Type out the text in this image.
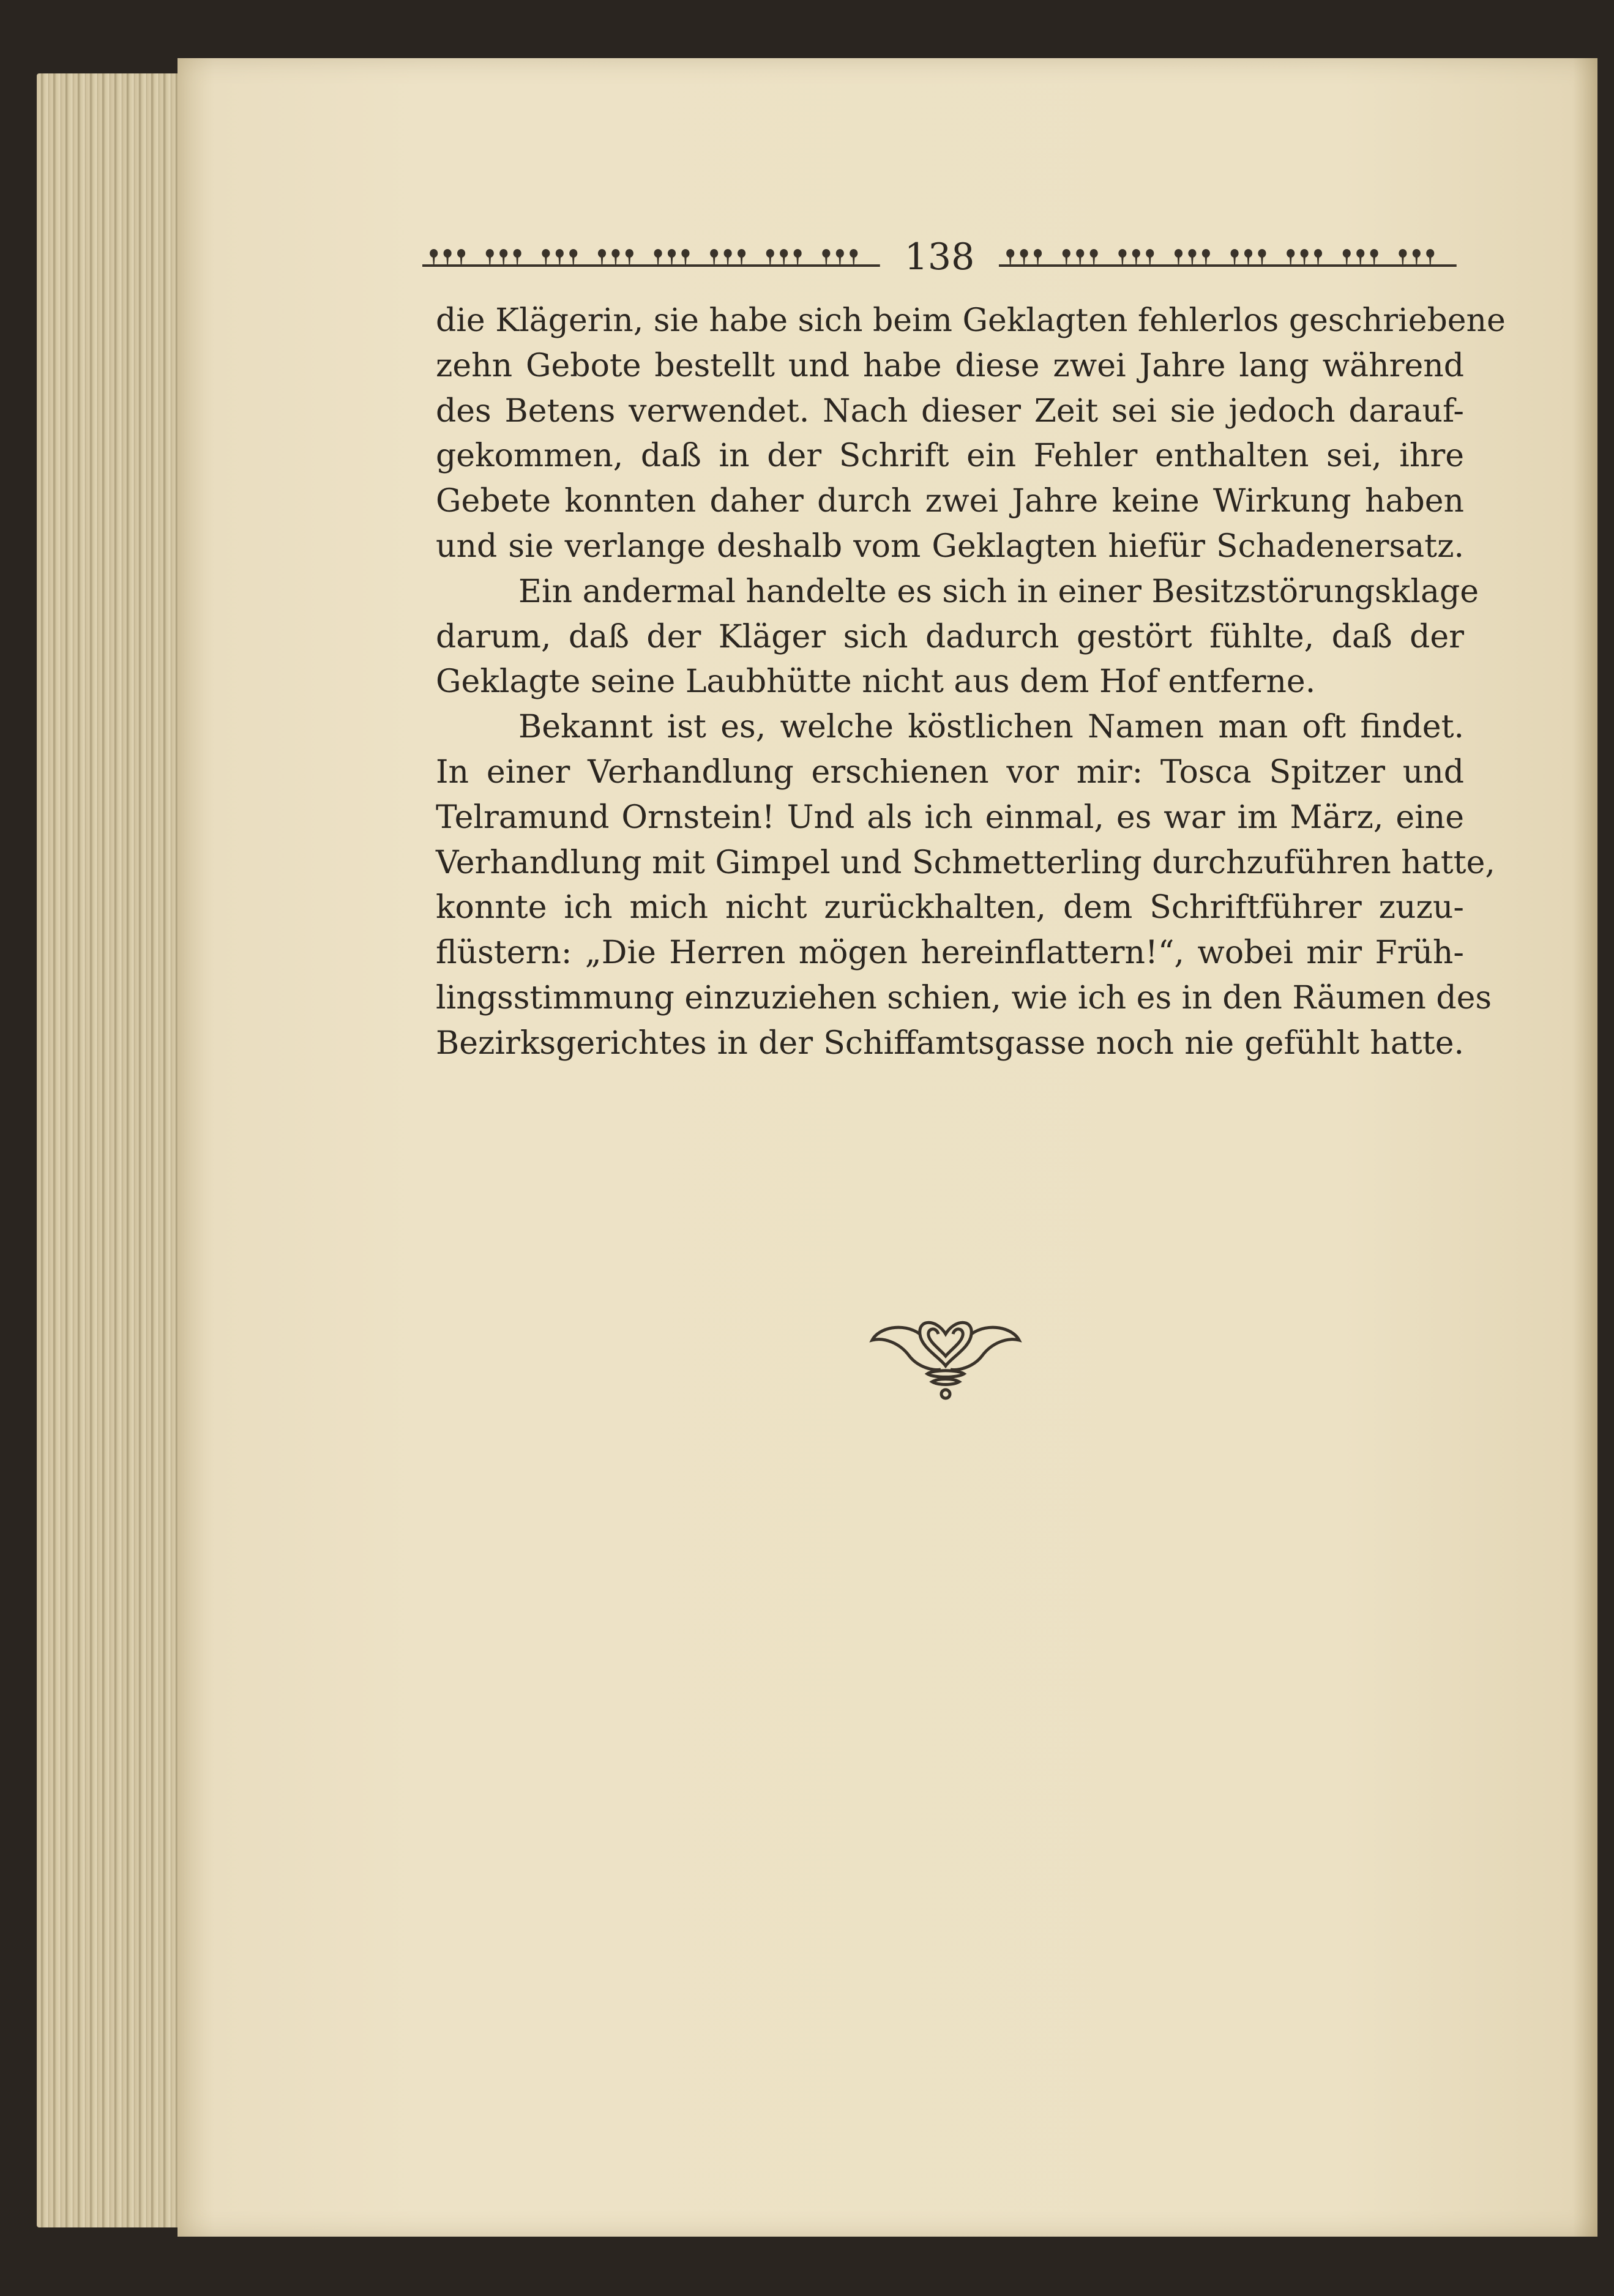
138

die Klägerin, sie habe sich beim Geklagten fehlerlos geschriebene
zehn Gebote bestellt und habe diese zwei Jahre lang während
des Betens verwendet. Nach dieser Zeit sei sie jedoch darauf-
gekommen, daß in der Schrift ein Fehler enthalten sei, ihre
Gebete konnten daher durch zwei Jahre keine Wirkung haben
und sie verlange deshalb vom Geklagten hiefür Schadenersatz.

Ein andermal handelte es sich in einer Besitzstörungsklage
darum, daß der Kläger sich dadurch gestört fühlte, daß der
Geklagte seine Laubhütte nicht aus dem Hof entferne.

Bekannt ist es, welche köstlichen Namen man oft findet.
In einer Verhandlung erschienen vor mir: Tosca Spitzer und
Telramund Ornstein! Und als ich einmal, es war im März, eine
Verhandlung mit Gimpel und Schmetterling durchzuführen hatte,
konnte ich mich nicht zurückhalten, dem Schriftführer zuzu-
flüstern: „Die Herren mögen hereinflattern!“, wobei mir Früh-
lingsstimmung einzuziehen schien, wie ich es in den Räumen des
Bezirksgerichtes in der Schiffamtsgasse noch nie gefühlt hatte.
